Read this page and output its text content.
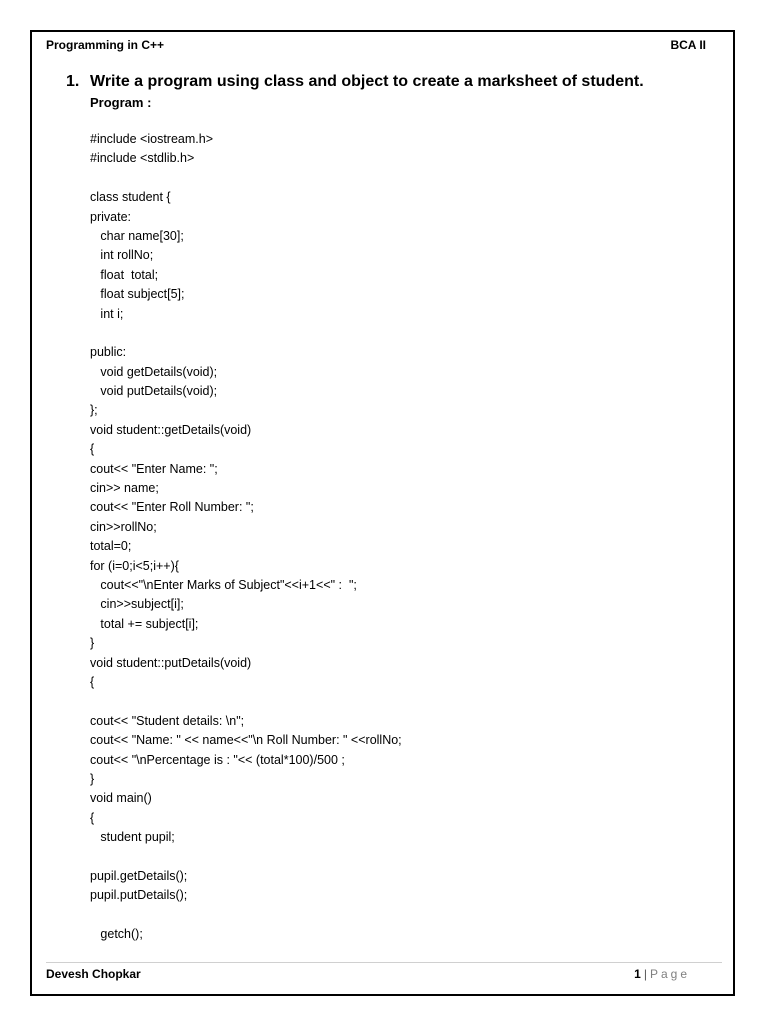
Programming in C++	BCA II
1. Write a program using class and object to create a marksheet of student.
Program :
#include <iostream.h>
#include <stdlib.h>
class student {
private:
char name[30];
int rollNo;
float  total;
float subject[5];
int i;
public:
void getDetails(void);
void putDetails(void);
};
void student::getDetails(void)
{
cout<< "Enter Name: ";
cin>> name;
cout<< "Enter Roll Number: ";
cin>>rollNo;
total=0;
for (i=0;i<5;i++){
cout<<"\nEnter Marks of Subject"<<i+1<<" :  ";
cin>>subject[i];
total += subject[i];
}
void student::putDetails(void)
{
cout<< "Student details: \n";
cout<< "Name: " << name<<"\n Roll Number: " <<rollNo;
cout<< "\nPercentage is : "<< (total*100)/500 ;
}
void main()
{
student pupil;
pupil.getDetails();
pupil.putDetails();
getch();
Devesh Chopkar	1 | Page
